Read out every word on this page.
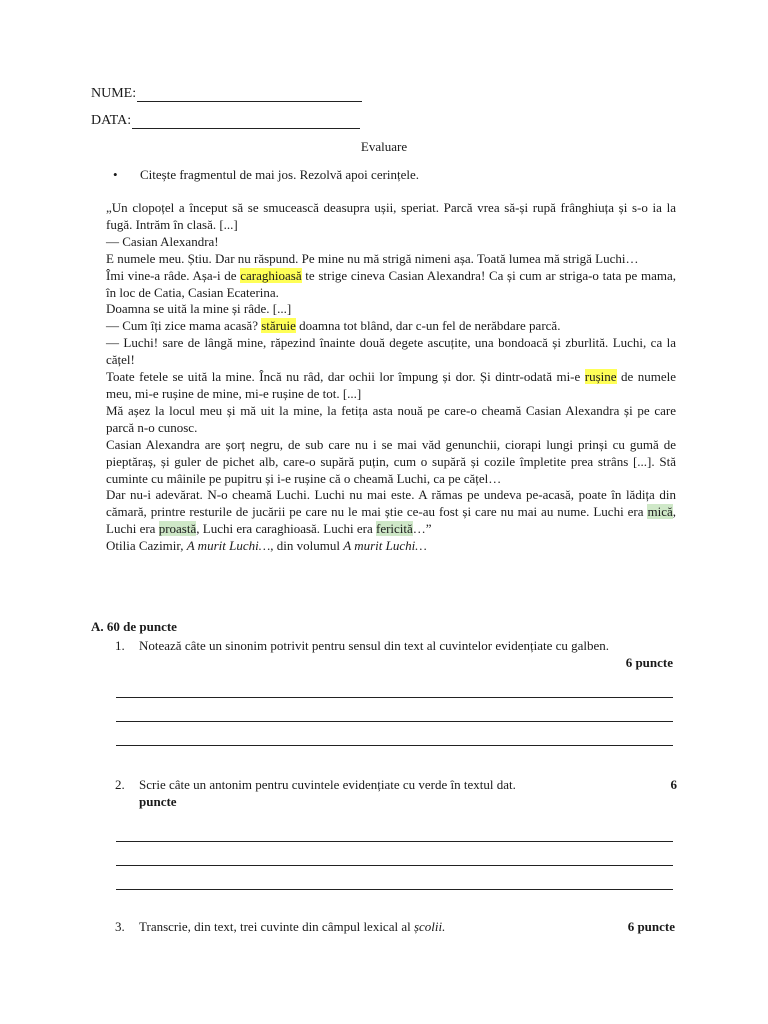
NUME:
DATA:
Evaluare
• Citește fragmentul de mai jos. Rezolvă apoi cerințele.

„Un clopoțel a început să se smucească deasupra ușii, speriat. Parcă vrea să-și rupă frânghiuța și s-o ia la fugă. Intrăm în clasă. [...]

— Casian Alexandra!

E numele meu. Știu. Dar nu răspund. Pe mine nu mă strigă nimeni așa. Toată lumea mă strigă Luchi…

Îmi vine-a râde. Așa-i de caraghioasă te strige cineva Casian Alexandra! Ca și cum ar striga-o tata pe mama, în loc de Catia, Casian Ecaterina.

Doamna se uită la mine și râde. [...]

— Cum îți zice mama acasă? stăruie doamna tot blând, dar c-un fel de nerăbdare parcă.

— Luchi! sare de lângă mine, răpezind înainte două degete ascuțite, una bondoacă și zburlită. Luchi, ca la cățel!

Toate fetele se uită la mine. Încă nu râd, dar ochii lor împung și dor. Și dintr-odată mi-e rușine de numele meu, mi-e rușine de mine, mi-e rușine de tot. [...]

Mă așez la locul meu și mă uit la mine, la fetița asta nouă pe care-o cheamă Casian Alexandra și pe care parcă n-o cunosc.

Casian Alexandra are șorț negru, de sub care nu i se mai văd genunchii, ciorapi lungi prinși cu gumă de pieptăraș, și guler de pichet alb, care-o supără puțin, cum o supără și cozile împletite prea strâns [...]. Stă cuminte cu mâinile pe pupitru și i-e rușine că o cheamă Luchi, ca pe cățel…

Dar nu-i adevărat. N-o cheamă Luchi. Luchi nu mai este. A rămas pe undeva pe-acasă, poate în lădița din cămară, printre resturile de jucării pe care nu le mai știe ce-au fost și care nu mai au nume. Luchi era mică, Luchi era proastă, Luchi era caraghioasă. Luchi era fericită…”

Otilia Cazimir, A murit Luchi…, din volumul A murit Luchi…

A. 60 de puncte
1. Notează câte un sinonim potrivit pentru sensul din text al cuvintelor evidențiate cu galben.
6 puncte
2. Scrie câte un antonim pentru cuvintele evidențiate cu verde în textul dat.
puncte
6
3. Transcrie, din text, trei cuvinte din câmpul lexical al școlii.	6 puncte
